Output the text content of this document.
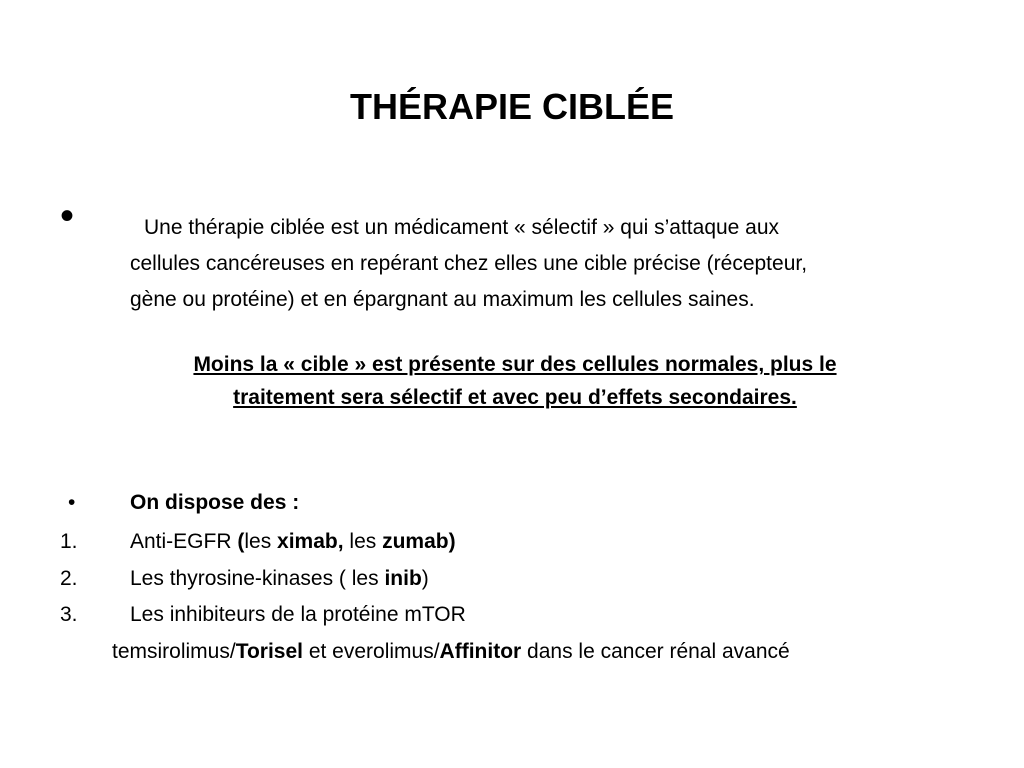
THÉRAPIE CIBLÉE
•	Une thérapie ciblée est un médicament « sélectif » qui s’attaque aux
cellules cancéreuses en repérant chez elles une cible précise (récepteur,
gène ou protéine) et en épargnant au maximum les cellules saines.

Moins la « cible » est présente sur des cellules normales, plus le
traitement sera sélectif et avec peu d’effets secondaires.

•	On dispose des :
1. Anti-EGFR (les ximab, les zumab)
2. Les thyrosine-kinases ( les inib)
3. Les inhibiteurs de la protéine mTOR
temsirolimus/Torisel et everolimus/Affinitor dans le cancer rénal avancé
